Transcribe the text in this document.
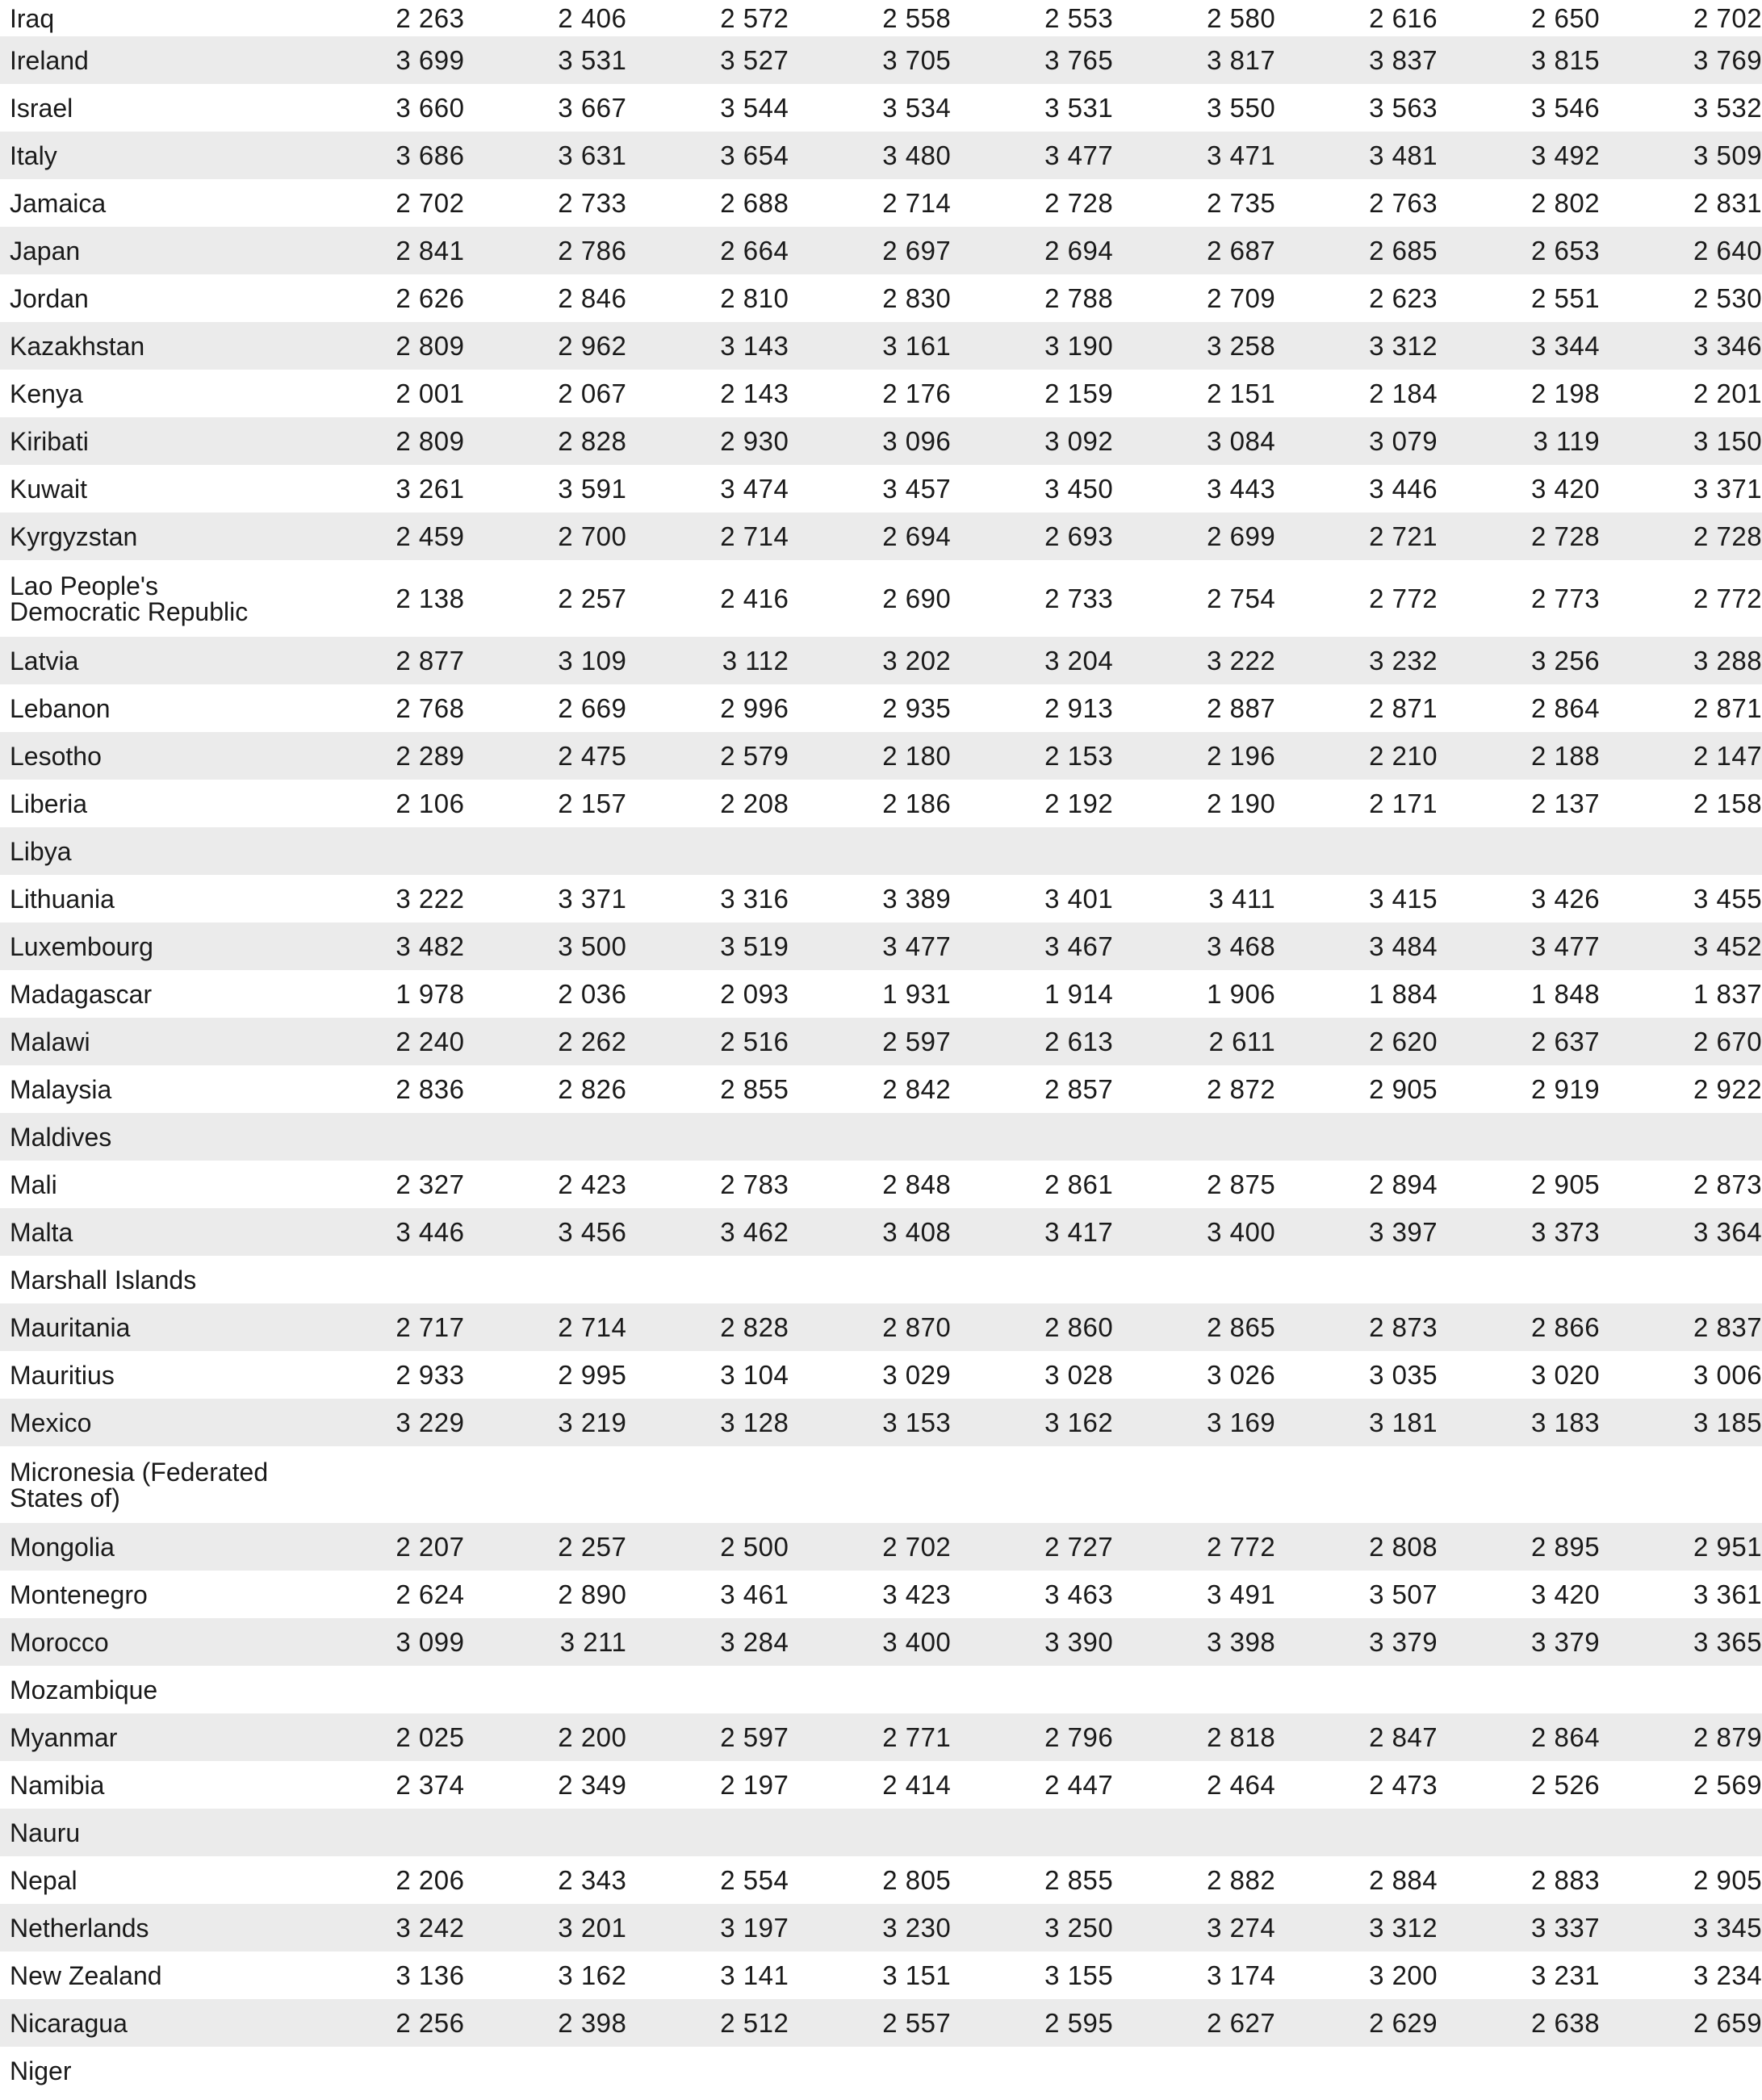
Iraq	2 263	2 406	2 572	2 558	2 553	2 580	2 616	2 650	2 702
Ireland	3 699	3 531	3 527	3 705	3 765	3 817	3 837	3 815	3 769
Israel	3 660	3 667	3 544	3 534	3 531	3 550	3 563	3 546	3 532
Italy	3 686	3 631	3 654	3 480	3 477	3 471	3 481	3 492	3 509
Jamaica	2 702	2 733	2 688	2 714	2 728	2 735	2 763	2 802	2 831
Japan	2 841	2 786	2 664	2 697	2 694	2 687	2 685	2 653	2 640
Jordan	2 626	2 846	2 810	2 830	2 788	2 709	2 623	2 551	2 530
Kazakhstan	2 809	2 962	3 143	3 161	3 190	3 258	3 312	3 344	3 346
Kenya	2 001	2 067	2 143	2 176	2 159	2 151	2 184	2 198	2 201
Kiribati	2 809	2 828	2 930	3 096	3 092	3 084	3 079	3 119	3 150
Kuwait	3 261	3 591	3 474	3 457	3 450	3 443	3 446	3 420	3 371
Kyrgyzstan	2 459	2 700	2 714	2 694	2 693	2 699	2 721	2 728	2 728
Lao People's
Democratic Republic	2 138	2 257	2 416	2 690	2 733	2 754	2 772	2 773	2 772
Latvia	2 877	3 109	3 112	3 202	3 204	3 222	3 232	3 256	3 288
Lebanon	2 768	2 669	2 996	2 935	2 913	2 887	2 871	2 864	2 871
Lesotho	2 289	2 475	2 579	2 180	2 153	2 196	2 210	2 188	2 147
Liberia	2 106	2 157	2 208	2 186	2 192	2 190	2 171	2 137	2 158
Libya
Lithuania	3 222	3 371	3 316	3 389	3 401	3 411	3 415	3 426	3 455
Luxembourg	3 482	3 500	3 519	3 477	3 467	3 468	3 484	3 477	3 452
Madagascar	1 978	2 036	2 093	1 931	1 914	1 906	1 884	1 848	1 837
Malawi	2 240	2 262	2 516	2 597	2 613	2 611	2 620	2 637	2 670
Malaysia	2 836	2 826	2 855	2 842	2 857	2 872	2 905	2 919	2 922
Maldives
Mali	2 327	2 423	2 783	2 848	2 861	2 875	2 894	2 905	2 873
Malta	3 446	3 456	3 462	3 408	3 417	3 400	3 397	3 373	3 364
Marshall Islands
Mauritania	2 717	2 714	2 828	2 870	2 860	2 865	2 873	2 866	2 837
Mauritius	2 933	2 995	3 104	3 029	3 028	3 026	3 035	3 020	3 006
Mexico	3 229	3 219	3 128	3 153	3 162	3 169	3 181	3 183	3 185
Micronesia (Federated
States of)
Mongolia	2 207	2 257	2 500	2 702	2 727	2 772	2 808	2 895	2 951
Montenegro	2 624	2 890	3 461	3 423	3 463	3 491	3 507	3 420	3 361
Morocco	3 099	3 211	3 284	3 400	3 390	3 398	3 379	3 379	3 365
Mozambique
Myanmar	2 025	2 200	2 597	2 771	2 796	2 818	2 847	2 864	2 879
Namibia	2 374	2 349	2 197	2 414	2 447	2 464	2 473	2 526	2 569
Nauru
Nepal	2 206	2 343	2 554	2 805	2 855	2 882	2 884	2 883	2 905
Netherlands	3 242	3 201	3 197	3 230	3 250	3 274	3 312	3 337	3 345
New Zealand	3 136	3 162	3 141	3 151	3 155	3 174	3 200	3 231	3 234
Nicaragua	2 256	2 398	2 512	2 557	2 595	2 627	2 629	2 638	2 659
Niger
